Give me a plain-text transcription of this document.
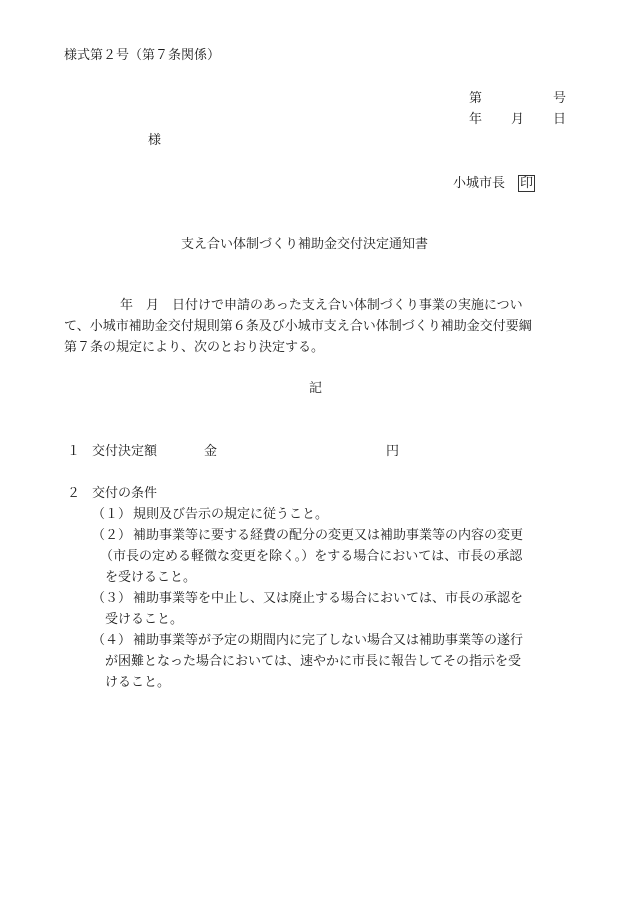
様式第２号（第７条関係）
第	号
年 月 日
様
小城市長 印
支え合い体制づくり補助金交付決定通知書
年 月 日付けで申請のあった支え合い体制づくり事業の実施につい
て、小城市補助金交付規則第６条及び小城市支え合い体制づくり補助金交付要綱
第７条の規定により、次のとおり決定する。
記
１ 交付決定額	金	円
２ 交付の条件
（１） 規則及び告示の規定に従うこと。
（２） 補助事業等に要する経費の配分の変更又は補助事業等の内容の変更
（市長の定める軽微な変更を除く。）をする場合においては、市長の承認
を受けること。
（３） 補助事業等を中止し、又は廃止する場合においては、市長の承認を
受けること。
（４） 補助事業等が予定の期間内に完了しない場合又は補助事業等の遂行
が困難となった場合においては、速やかに市長に報告してその指示を受
けること。
